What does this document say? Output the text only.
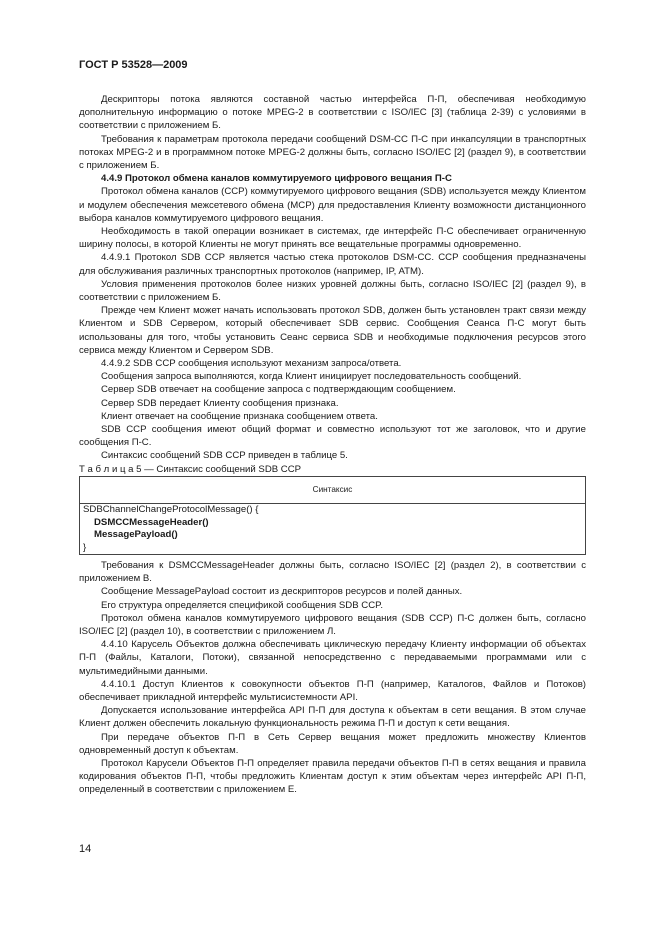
ГОСТ Р 53528—2009

Дескрипторы потока являются составной частью интерфейса П-П, обеспечивая необходимую дополнительную информацию о потоке MPEG-2 в соответствии с ISO/IEC [3] (таблица 2-39) с условиями в соответствии с приложением Б.

Требования к параметрам протокола передачи сообщений DSM-CC П-С при инкапсуляции в транспортных потоках MPEG-2 и в программном потоке MPEG-2 должны быть, согласно ISO/IEC [2] (раздел 9), в соответствии с приложением Б.

4.4.9 Протокол обмена каналов коммутируемого цифрового вещания П-С

Протокол обмена каналов (CCP) коммутируемого цифрового вещания (SDB) используется между Клиентом и модулем обеспечения межсетевого обмена (MCP) для предоставления Клиенту возможности дистанционного выбора каналов коммутируемого цифрового вещания.

Необходимость в такой операции возникает в системах, где интерфейс П-С обеспечивает ограниченную ширину полосы, в которой Клиенты не могут принять все вещательные программы одновременно.

4.4.9.1 Протокол SDB CCP является частью стека протоколов DSM-CC. CCP сообщения предназначены для обслуживания различных транспортных протоколов (например, IP, ATM).

Условия применения протоколов более низких уровней должны быть, согласно ISO/IEC [2] (раздел 9), в соответствии с приложением Б.

Прежде чем Клиент может начать использовать протокол SDB, должен быть установлен тракт связи между Клиентом и SDB Сервером, который обеспечивает SDB сервис. Сообщения Сеанса П-С могут быть использованы для того, чтобы установить Сеанс сервиса SDB и необходимые подключения ресурсов этого сервиса между Клиентом и Сервером SDB.

4.4.9.2 SDB CCP сообщения используют механизм запроса/ответа.

Сообщения запроса выполняются, когда Клиент инициирует последовательность сообщений.

Сервер SDB отвечает на сообщение запроса с подтверждающим сообщением.

Сервер SDB передает Клиенту сообщения признака.

Клиент отвечает на сообщение признака сообщением ответа.

SDB CCP сообщения имеют общий формат и совместно используют тот же заголовок, что и другие сообщения П-С.

Синтаксис сообщений SDB CCP приведен в таблице 5.

Т а б л и ц а 5 — Синтаксис сообщений SDB CCP

Синтаксис

SDBChannelChangeProtocolMessage() {
DSMCCMessageHeader()
MessagePayload()
}

Требования к DSMCCMessageHeader должны быть, согласно ISO/IEC [2] (раздел 2), в соответствии с приложением В.

Сообщение MessagePayload состоит из дескрипторов ресурсов и полей данных.

Его структура определяется спецификой сообщения SDB CCP.

Протокол обмена каналов коммутируемого цифрового вещания (SDB CCP) П-С должен быть, согласно ISO/IEC [2] (раздел 10), в соответствии с приложением Л.

4.4.10 Карусель Объектов должна обеспечивать циклическую передачу Клиенту информации об объектах П-П (Файлы, Каталоги, Потоки), связанной непосредственно с передаваемыми программами или с мультимедийными данными.

4.4.10.1 Доступ Клиентов к совокупности объектов П-П (например, Каталогов, Файлов и Потоков) обеспечивает прикладной интерфейс мультисистемности API.

Допускается использование интерфейса API П-П для доступа к объектам в сети вещания. В этом случае Клиент должен обеспечить локальную функциональность режима П-П и доступ к сети вещания.

При передаче объектов П-П в Сеть Сервер вещания может предложить множеству Клиентов одновременный доступ к объектам.

Протокол Карусели Объектов П-П определяет правила передачи объектов П-П в сетях вещания и правила кодирования объектов П-П, чтобы предложить Клиентам доступ к этим объектам через интерфейс API П-П, определенный в соответствии с приложением Е.

14
